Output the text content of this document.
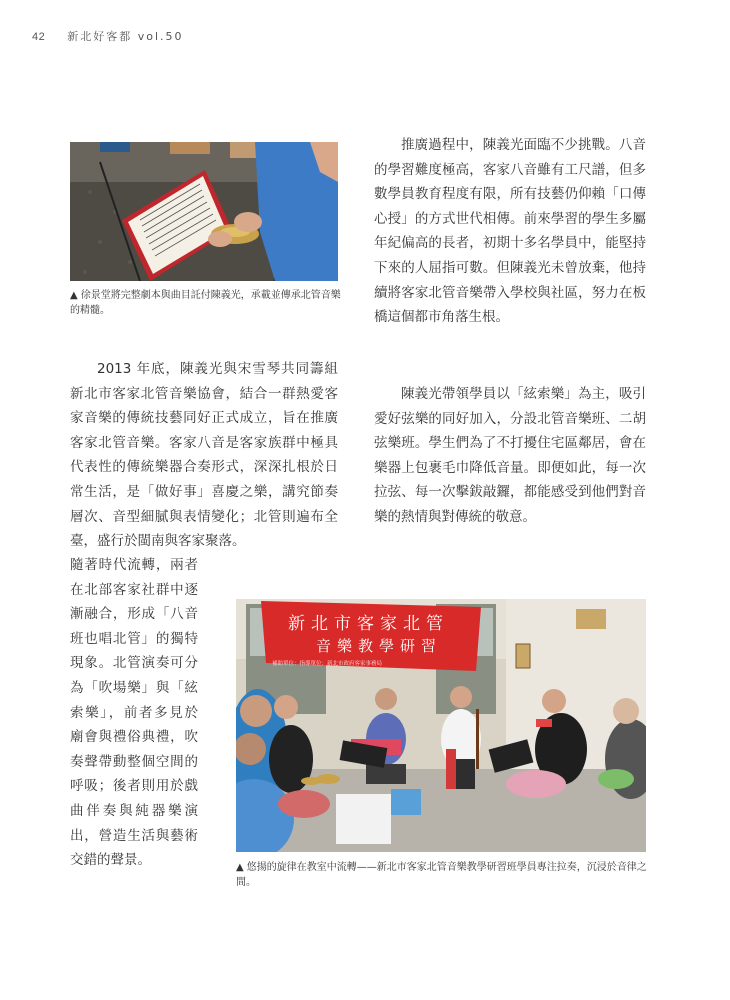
42 新北好客都 vol.50
▲ 徐景堂將完整劇本與曲目託付陳義光，承載並傳承北管音樂的精髓。

推廣過程中，陳義光面臨不少挑戰。八音的學習難度極高，客家八音雖有工尺譜，但多數學員教育程度有限，所有技藝仍仰賴「口傳心授」的方式世代相傳。前來學習的學生多屬年紀偏高的長者，初期十多名學員中，能堅持下來的人屈指可數。但陳義光未曾放棄，他持續將客家北管音樂帶入學校與社區，努力在板橋這個都市角落生根。

陳義光帶領學員以「絃索樂」為主，吸引愛好弦樂的同好加入，分設北管音樂班、二胡弦樂班。學生們為了不打擾住宅區鄰居，會在樂器上包裹毛巾降低音量。即便如此，每一次拉弦、每一次擊鈸敲鑼，都能感受到他們對音樂的熱情與對傳統的敬意。

2013 年底，陳義光與宋雪琴共同籌組新北市客家北管音樂協會，結合一群熱愛客家音樂的傳統技藝同好正式成立，旨在推廣客家北管音樂。客家八音是客家族群中極具代表性的傳統樂器合奏形式，深深扎根於日常生活，是「做好事」喜慶之樂，講究節奏層次、音型細膩與表情變化；北管則遍布全臺，盛行於閩南與客家聚落。

隨著時代流轉，兩者在北部客家社群中逐漸融合，形成「八音班也唱北管」的獨特現象。北管演奏可分為「吹場樂」與「絃索樂」，前者多見於廟會與禮俗典禮，吹奏聲帶動整個空間的呼吸；後者則用於戲曲伴奏與純器樂演出，營造生活與藝術交錯的聲景。

新北市客家北管
音樂教學研習
補助單位：指導單位：新北市政府客家事務局
▲ 悠揚的旋律在教室中流轉——新北市客家北管音樂教學研習班學員專注拉奏，沉浸於音律之間。
